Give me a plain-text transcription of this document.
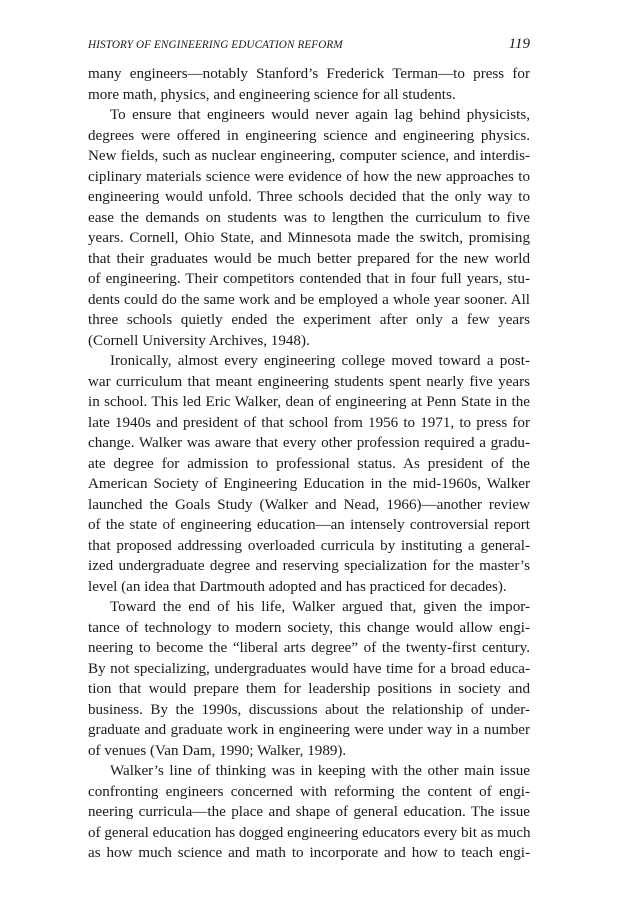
HISTORY OF ENGINEERING EDUCATION REFORM	119
many engineers—notably Stanford’s Frederick Terman—to press for
more math, physics, and engineering science for all students.
To ensure that engineers would never again lag behind physicists,
degrees were offered in engineering science and engineering physics.
New fields, such as nuclear engineering, computer science, and interdis-
ciplinary materials science were evidence of how the new approaches to
engineering would unfold. Three schools decided that the only way to
ease the demands on students was to lengthen the curriculum to five
years. Cornell, Ohio State, and Minnesota made the switch, promising
that their graduates would be much better prepared for the new world
of engineering. Their competitors contended that in four full years, stu-
dents could do the same work and be employed a whole year sooner. All
three schools quietly ended the experiment after only a few years
(Cornell University Archives, 1948).
Ironically, almost every engineering college moved toward a post-
war curriculum that meant engineering students spent nearly five years
in school. This led Eric Walker, dean of engineering at Penn State in the
late 1940s and president of that school from 1956 to 1971, to press for
change. Walker was aware that every other profession required a gradu-
ate degree for admission to professional status. As president of the
American Society of Engineering Education in the mid-1960s, Walker
launched the Goals Study (Walker and Nead, 1966)—another review
of the state of engineering education—an intensely controversial report
that proposed addressing overloaded curricula by instituting a general-
ized undergraduate degree and reserving specialization for the master’s
level (an idea that Dartmouth adopted and has practiced for decades).
Toward the end of his life, Walker argued that, given the impor-
tance of technology to modern society, this change would allow engi-
neering to become the “liberal arts degree” of the twenty-first century.
By not specializing, undergraduates would have time for a broad educa-
tion that would prepare them for leadership positions in society and
business. By the 1990s, discussions about the relationship of under-
graduate and graduate work in engineering were under way in a number
of venues (Van Dam, 1990; Walker, 1989).
Walker’s line of thinking was in keeping with the other main issue
confronting engineers concerned with reforming the content of engi-
neering curricula—the place and shape of general education. The issue
of general education has dogged engineering educators every bit as much
as how much science and math to incorporate and how to teach engi-
